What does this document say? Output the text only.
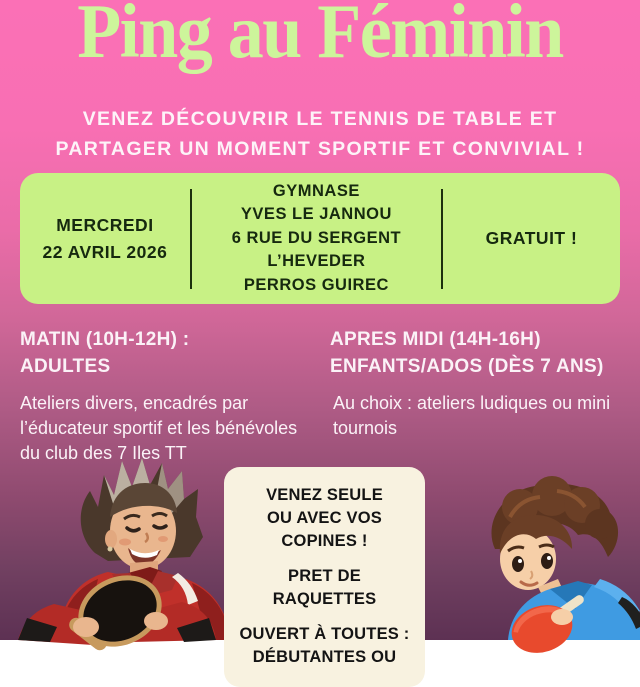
Ping au Féminin

VENEZ DÉCOUVRIR LE TENNIS DE TABLE ET
PARTAGER UN MOMENT SPORTIF ET CONVIVIAL !

MERCREDI
22 AVRIL 2026
GYMNASE
YVES LE JANNOU
6 RUE DU SERGENT
L’HEVEDER
PERROS GUIREC
GRATUIT !
MATIN (10H-12H) :
ADULTES

Ateliers divers, encadrés par l’éducateur sportif et les bénévoles du club des 7 Iles TT

APRES MIDI (14H-16H)
ENFANTS/ADOS (DÈS 7 ANS)

Au choix : ateliers ludiques ou mini tournois

VENEZ SEULE
OU AVEC VOS
COPINES !
PRET DE
RAQUETTES
OUVERT À TOUTES :
DÉBUTANTES OU
